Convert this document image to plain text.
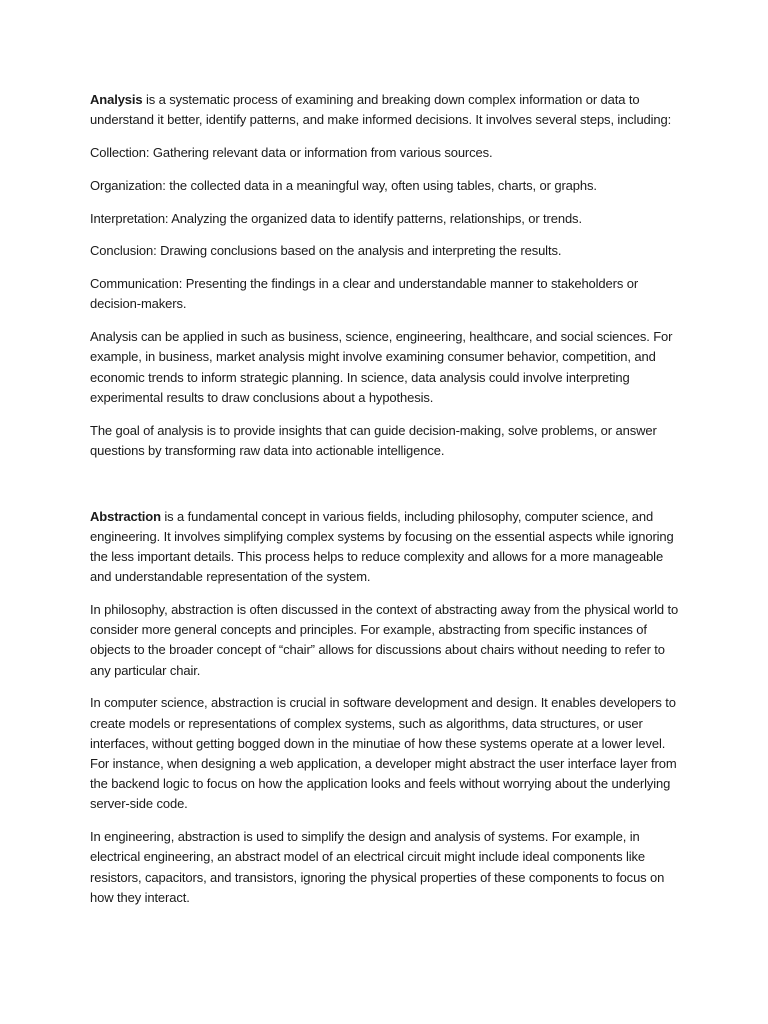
Analysis is a systematic process of examining and breaking down complex information or data to understand it better, identify patterns, and make informed decisions. It involves several steps, including:

Collection: Gathering relevant data or information from various sources.

Organization: the collected data in a meaningful way, often using tables, charts, or graphs.

Interpretation: Analyzing the organized data to identify patterns, relationships, or trends.

Conclusion: Drawing conclusions based on the analysis and interpreting the results.

Communication: Presenting the findings in a clear and understandable manner to stakeholders or decision-makers.

Analysis can be applied in such as business, science, engineering, healthcare, and social sciences. For example, in business, market analysis might involve examining consumer behavior, competition, and economic trends to inform strategic planning. In science, data analysis could involve interpreting experimental results to draw conclusions about a hypothesis.

The goal of analysis is to provide insights that can guide decision-making, solve problems, or answer questions by transforming raw data into actionable intelligence.

Abstraction is a fundamental concept in various fields, including philosophy, computer science, and engineering. It involves simplifying complex systems by focusing on the essential aspects while ignoring the less important details. This process helps to reduce complexity and allows for a more manageable and understandable representation of the system.

In philosophy, abstraction is often discussed in the context of abstracting away from the physical world to consider more general concepts and principles. For example, abstracting from specific instances of objects to the broader concept of “chair” allows for discussions about chairs without needing to refer to any particular chair.

In computer science, abstraction is crucial in software development and design. It enables developers to create models or representations of complex systems, such as algorithms, data structures, or user interfaces, without getting bogged down in the minutiae of how these systems operate at a lower level. For instance, when designing a web application, a developer might abstract the user interface layer from the backend logic to focus on how the application looks and feels without worrying about the underlying server-side code.

In engineering, abstraction is used to simplify the design and analysis of systems. For example, in electrical engineering, an abstract model of an electrical circuit might include ideal components like resistors, capacitors, and transistors, ignoring the physical properties of these components to focus on how they interact.
